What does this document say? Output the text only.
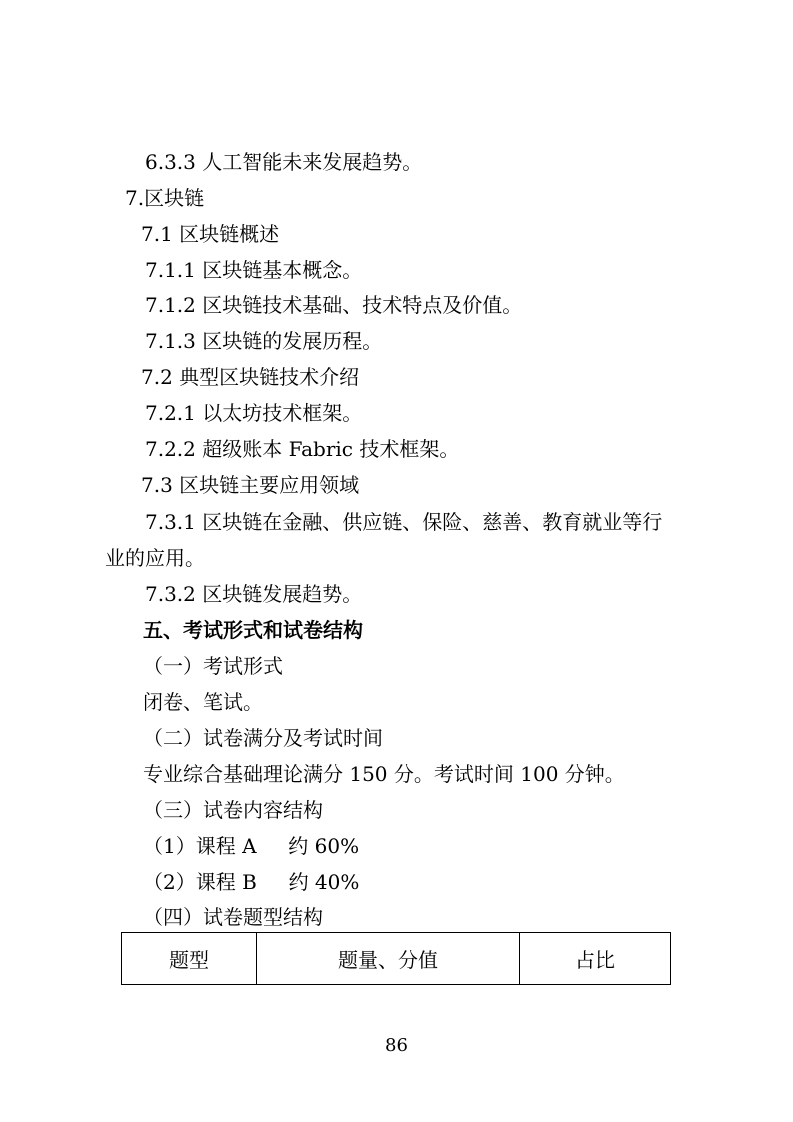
6.3.3 人工智能未来发展趋势。
7.区块链
7.1 区块链概述
7.1.1 区块链基本概念。
7.1.2 区块链技术基础、技术特点及价值。
7.1.3 区块链的发展历程。
7.2 典型区块链技术介绍
7.2.1 以太坊技术框架。
7.2.2 超级账本 Fabric 技术框架。
7.3 区块链主要应用领域
7.3.1 区块链在金融、供应链、保险、慈善、教育就业等行
业的应用。
7.3.2 区块链发展趋势。
五、考试形式和试卷结构
（一）考试形式
闭卷、笔试。
（二）试卷满分及考试时间
专业综合基础理论满分 150 分。考试时间 100 分钟。
（三）试卷内容结构
（1）课程 A     约 60%
（2）课程 B     约 40%
（四）试卷题型结构
题型	题量、分值	占比
86
